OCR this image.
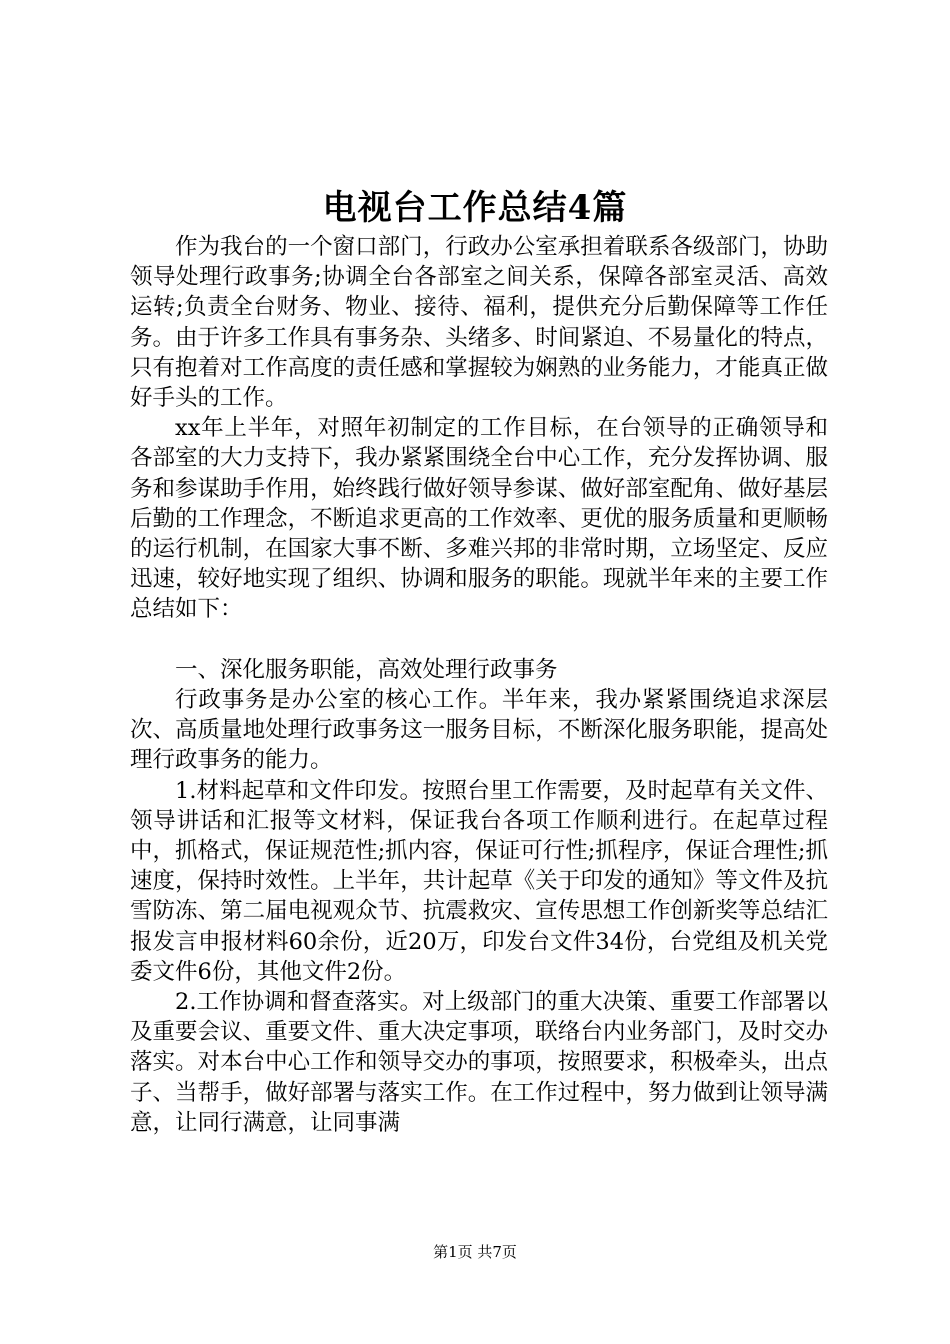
电视台工作总结4篇

作为我台的一个窗口部门，行政办公室承担着联系各级部门，协助领导处理行政事务;协调全台各部室之间关系，保障各部室灵活、高效运转;负责全台财务、物业、接待、福利，提供充分后勤保障等工作任务。由于许多工作具有事务杂、头绪多、时间紧迫、不易量化的特点，只有抱着对工作高度的责任感和掌握较为娴熟的业务能力，才能真正做好手头的工作。

xx年上半年，对照年初制定的工作目标，在台领导的正确领导和各部室的大力支持下，我办紧紧围绕全台中心工作，充分发挥协调、服务和参谋助手作用，始终践行做好领导参谋、做好部室配角、做好基层后勤的工作理念，不断追求更高的工作效率、更优的服务质量和更顺畅的运行机制，在国家大事不断、多难兴邦的非常时期，立场坚定、反应迅速，较好地实现了组织、协调和服务的职能。现就半年来的主要工作总结如下：

一、深化服务职能，高效处理行政事务

行政事务是办公室的核心工作。半年来，我办紧紧围绕追求深层次、高质量地处理行政事务这一服务目标，不断深化服务职能，提高处理行政事务的能力。

1.材料起草和文件印发。按照台里工作需要，及时起草有关文件、领导讲话和汇报等文材料，保证我台各项工作顺利进行。在起草过程中，抓格式，保证规范性;抓内容，保证可行性;抓程序，保证合理性;抓速度，保持时效性。上半年，共计起草《关于印发的通知》等文件及抗雪防冻、第二届电视观众节、抗震救灾、宣传思想工作创新奖等总结汇报发言申报材料60余份，近20万，印发台文件34份，台党组及机关党委文件6份，其他文件2份。

2.工作协调和督查落实。对上级部门的重大决策、重要工作部署以及重要会议、重要文件、重大决定事项，联络台内业务部门，及时交办落实。对本台中心工作和领导交办的事项，按照要求，积极牵头，出点子、当帮手，做好部署与落实工作。在工作过程中，努力做到让领导满意，让同行满意，让同事满

第1页 共7页
